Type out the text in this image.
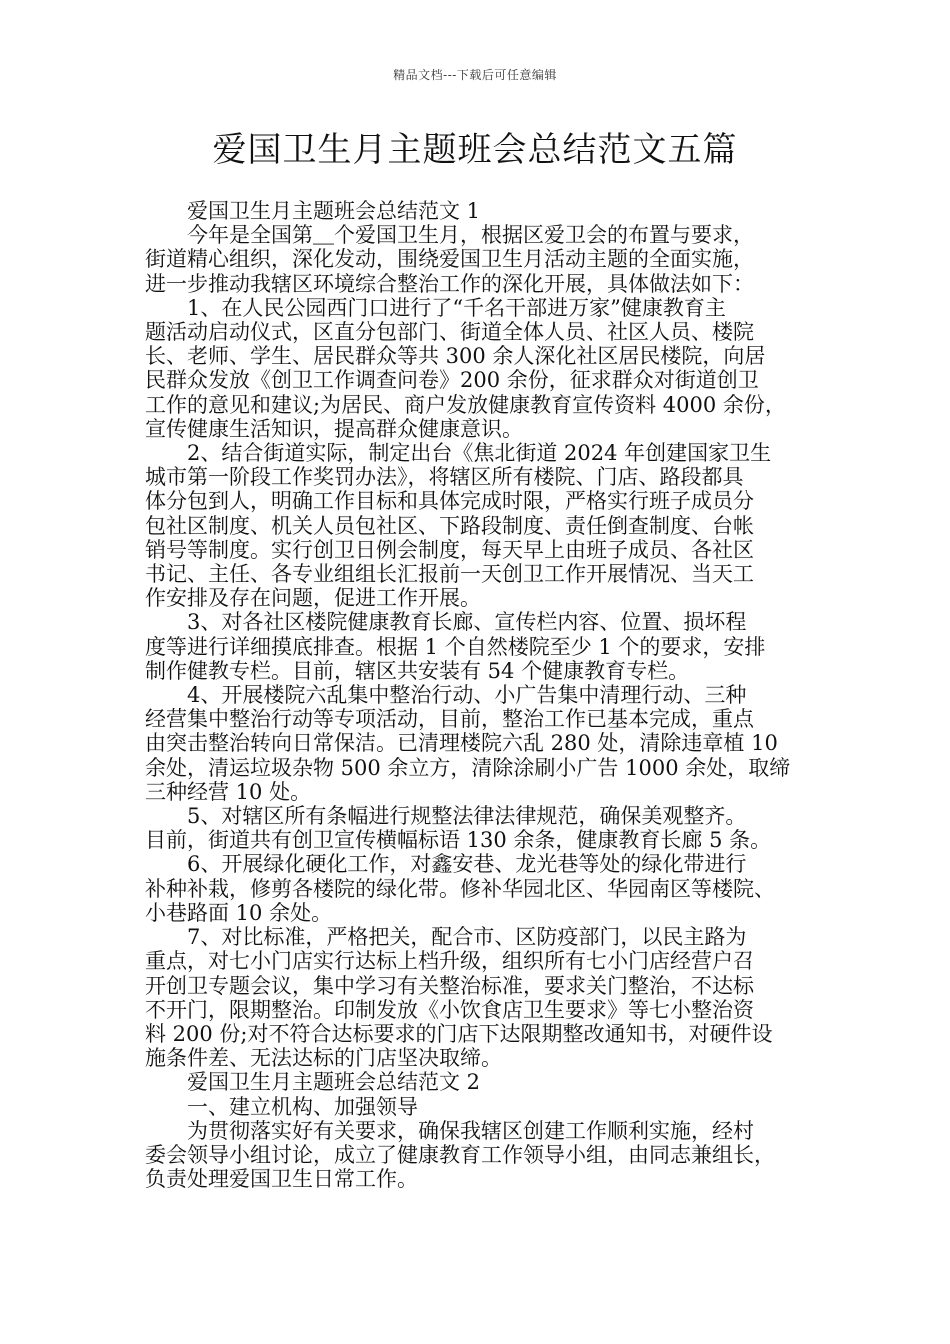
精品文档---下载后可任意编辑
爱国卫生月主题班会总结范文五篇
爱国卫生月主题班会总结范文 1
今年是全国第＿个爱国卫生月，根据区爱卫会的布置与要求，
街道精心组织，深化发动，围绕爱国卫生月活动主题的全面实施，
进一步推动我辖区环境综合整治工作的深化开展，具体做法如下：
1、在人民公园西门口进行了“千名干部进万家”健康教育主
题活动启动仪式，区直分包部门、街道全体人员、社区人员、楼院
长、老师、学生、居民群众等共 300 余人深化社区居民楼院，向居
民群众发放《创卫工作调查问卷》200 余份，征求群众对街道创卫
工作的意见和建议;为居民、商户发放健康教育宣传资料 4000 余份，
宣传健康生活知识，提高群众健康意识。
2、结合街道实际，制定出台《焦北街道 2024 年创建国家卫生
城市第一阶段工作奖罚办法》，将辖区所有楼院、门店、路段都具
体分包到人，明确工作目标和具体完成时限，严格实行班子成员分
包社区制度、机关人员包社区、下路段制度、责任倒查制度、台帐
销号等制度。实行创卫日例会制度，每天早上由班子成员、各社区
书记、主任、各专业组组长汇报前一天创卫工作开展情况、当天工
作安排及存在问题，促进工作开展。
3、对各社区楼院健康教育长廊、宣传栏内容、位置、损坏程
度等进行详细摸底排查。根据 1 个自然楼院至少 1 个的要求，安排
制作健教专栏。目前，辖区共安装有 54 个健康教育专栏。
4、开展楼院六乱集中整治行动、小广告集中清理行动、三种
经营集中整治行动等专项活动，目前，整治工作已基本完成，重点
由突击整治转向日常保洁。已清理楼院六乱 280 处，清除违章植 10
余处，清运垃圾杂物 500 余立方，清除涂刷小广告 1000 余处，取缔
三种经营 10 处。
5、对辖区所有条幅进行规整法律法律规范，确保美观整齐。
目前，街道共有创卫宣传横幅标语 130 余条，健康教育长廊 5 条。
6、开展绿化硬化工作，对鑫安巷、龙光巷等处的绿化带进行
补种补栽，修剪各楼院的绿化带。修补华园北区、华园南区等楼院、
小巷路面 10 余处。
7、对比标准，严格把关，配合市、区防疫部门，以民主路为
重点，对七小门店实行达标上档升级，组织所有七小门店经营户召
开创卫专题会议，集中学习有关整治标准，要求关门整治，不达标
不开门，限期整治。印制发放《小饮食店卫生要求》等七小整治资
料 200 份;对不符合达标要求的门店下达限期整改通知书，对硬件设
施条件差、无法达标的门店坚决取缔。
爱国卫生月主题班会总结范文 2
一、建立机构、加强领导
为贯彻落实好有关要求，确保我辖区创建工作顺利实施，经村
委会领导小组讨论，成立了健康教育工作领导小组，由同志兼组长，
负责处理爱国卫生日常工作。
